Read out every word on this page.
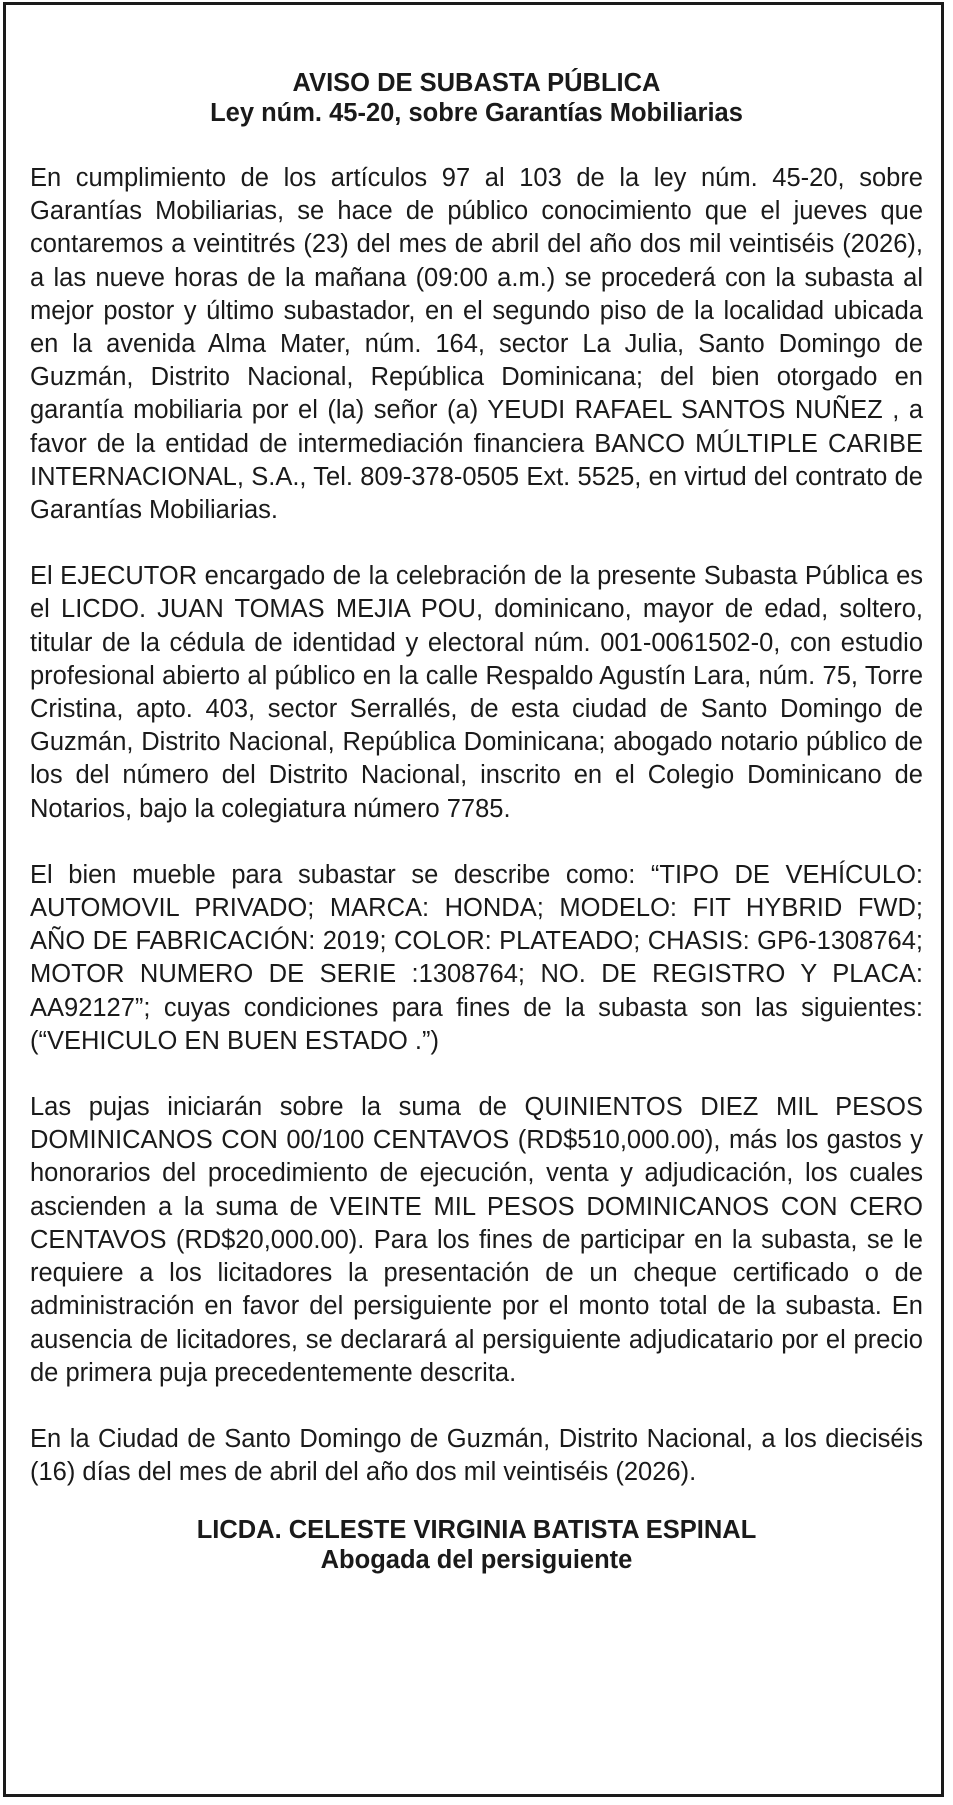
AVISO DE SUBASTA PÚBLICA

Ley núm. 45-20, sobre Garantías Mobiliarias

En cumplimiento de los artículos 97 al 103 de la ley núm. 45-20, sobre Garantías Mobiliarias, se hace de público conocimiento que el jueves que contaremos a veintitrés (23) del mes de abril del año dos mil veintiséis (2026), a las nueve horas de la mañana (09:00 a.m.) se procederá con la subasta al mejor postor y último subastador, en el segundo piso de la localidad ubicada en la avenida Alma Mater, núm. 164, sector La Julia, Santo Domingo de Guzmán, Distrito Nacional, República Dominicana; del bien otorgado en garantía mobiliaria por el (la) señor (a) YEUDI RAFAEL SANTOS NUÑEZ , a favor de la entidad de intermediación financiera BANCO MÚLTIPLE CARIBE INTERNACIONAL, S.A., Tel. 809-378-0505 Ext. 5525, en virtud del contrato de Garantías Mobiliarias.

El EJECUTOR encargado de la celebración de la presente Subasta Pública es el LICDO. JUAN TOMAS MEJIA POU, dominicano, mayor de edad, soltero, titular de la cédula de identidad y electoral núm. 001-0061502-0, con estudio profesional abierto al público en la calle Respaldo Agustín Lara, núm. 75, Torre Cristina, apto. 403, sector Serrallés, de esta ciudad de Santo Domingo de Guzmán, Distrito Nacional, República Dominicana; abogado notario público de los del número del Distrito Nacional, inscrito en el Colegio Dominicano de Notarios, bajo la colegiatura número 7785.

El bien mueble para subastar se describe como: “TIPO DE VEHÍCULO: AUTOMOVIL PRIVADO; MARCA: HONDA; MODELO: FIT HYBRID FWD; AÑO DE FABRICACIÓN: 2019; COLOR: PLATEADO; CHASIS: GP6-1308764; MOTOR NUMERO DE SERIE :1308764; NO. DE REGISTRO Y PLACA: AA92127”; cuyas condiciones para fines de la subasta son las siguientes: (“VEHICULO EN BUEN ESTADO .”)

Las pujas iniciarán sobre la suma de QUINIENTOS DIEZ MIL PESOS DOMINICANOS CON 00/100 CENTAVOS (RD$510,000.00), más los gastos y honorarios del procedimiento de ejecución, venta y adjudicación, los cuales ascienden a la suma de VEINTE MIL PESOS DOMINICANOS CON CERO CENTAVOS (RD$20,000.00). Para los fines de participar en la subasta, se le requiere a los licitadores la presentación de un cheque certificado o de administración en favor del persiguiente por el monto total de la subasta. En ausencia de licitadores, se declarará al persiguiente adjudicatario por el precio de primera puja precedentemente descrita.

En la Ciudad de Santo Domingo de Guzmán, Distrito Nacional, a los dieciséis (16) días del mes de abril del año dos mil veintiséis (2026).

LICDA. CELESTE VIRGINIA BATISTA ESPINAL

Abogada del persiguiente
